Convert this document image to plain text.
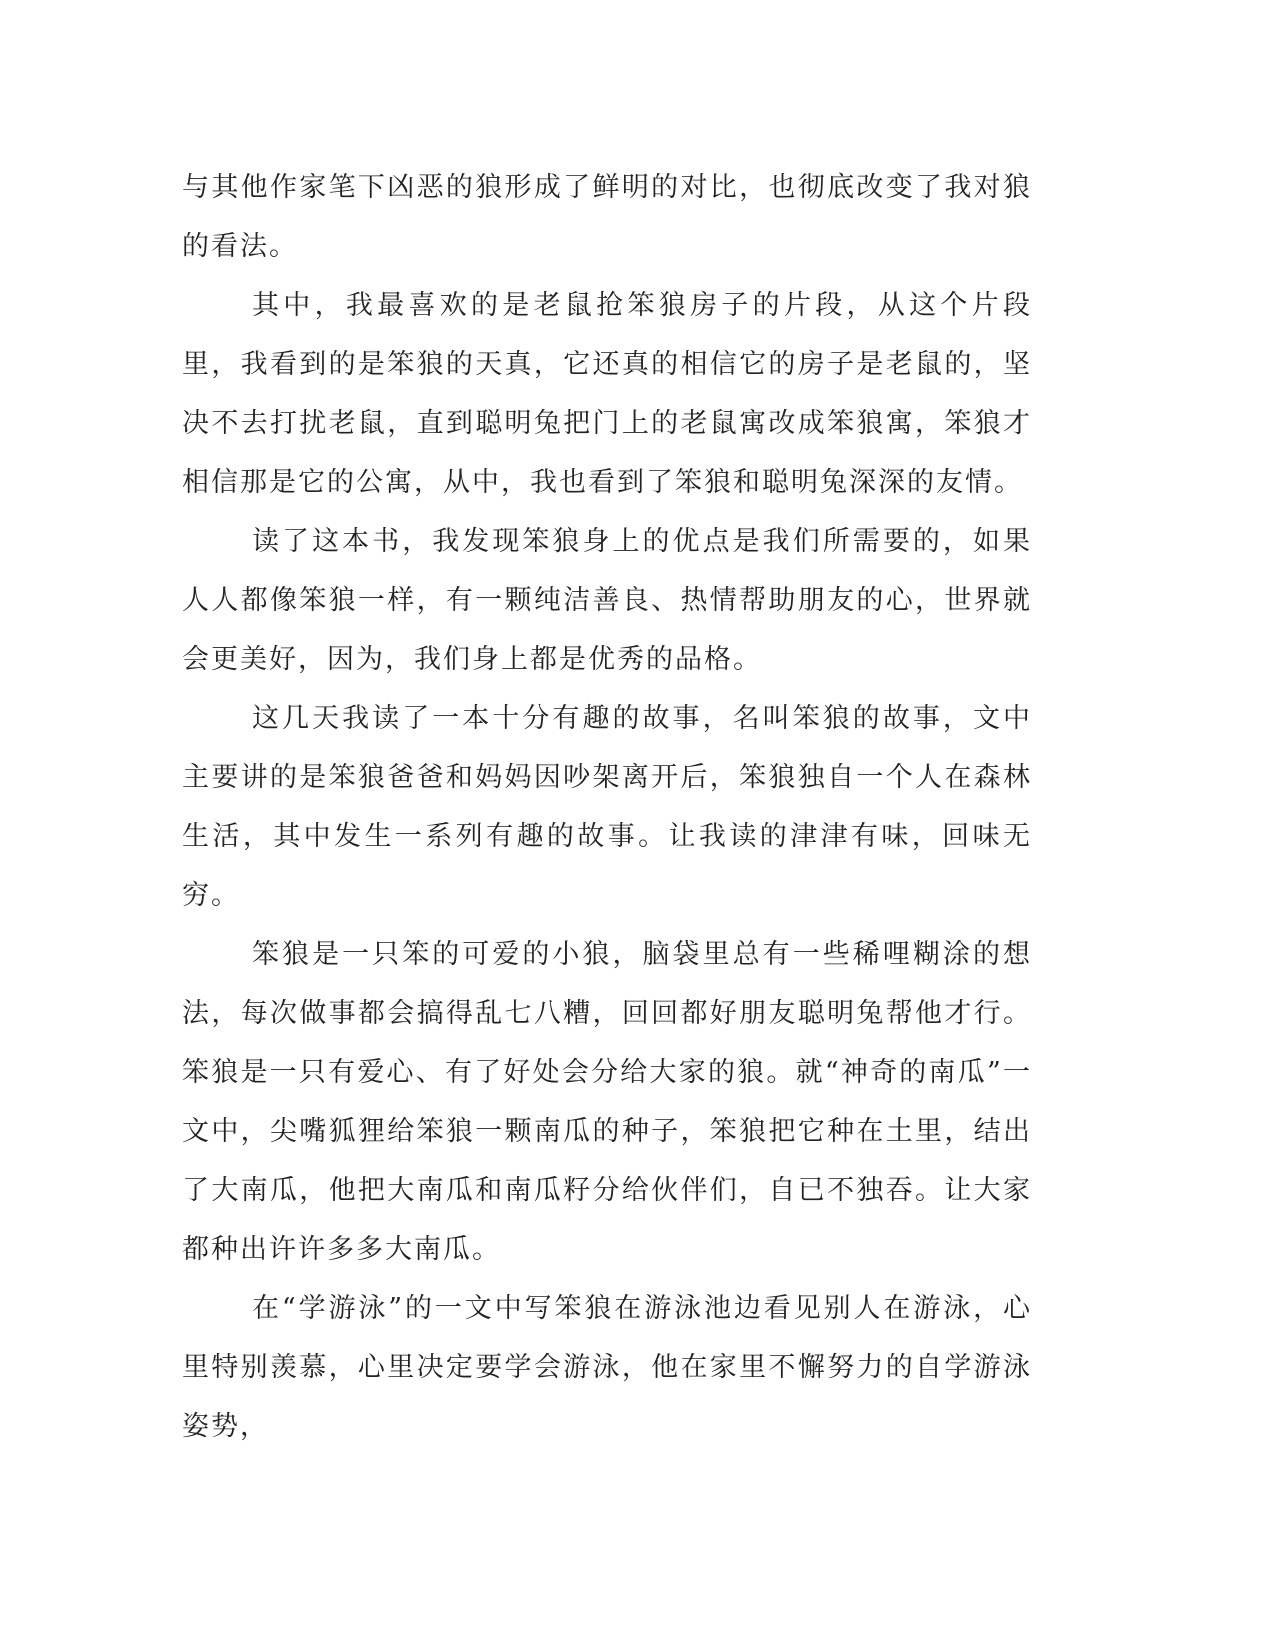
与其他作家笔下凶恶的狼形成了鲜明的对比，也彻底改变了我对狼的看法。

其中，我最喜欢的是老鼠抢笨狼房子的片段，从这个片段里，我看到的是笨狼的天真，它还真的相信它的房子是老鼠的，坚决不去打扰老鼠，直到聪明兔把门上的老鼠寓改成笨狼寓，笨狼才相信那是它的公寓，从中，我也看到了笨狼和聪明兔深深的友情。

读了这本书，我发现笨狼身上的优点是我们所需要的，如果人人都像笨狼一样，有一颗纯洁善良、热情帮助朋友的心，世界就会更美好，因为，我们身上都是优秀的品格。

这几天我读了一本十分有趣的故事，名叫笨狼的故事，文中主要讲的是笨狼爸爸和妈妈因吵架离开后，笨狼独自一个人在森林生活，其中发生一系列有趣的故事。让我读的津津有味，回味无穷。

笨狼是一只笨的可爱的小狼，脑袋里总有一些稀哩糊涂的想法，每次做事都会搞得乱七八糟，回回都好朋友聪明兔帮他才行。笨狼是一只有爱心、有了好处会分给大家的狼。就“神奇的南瓜”一文中，尖嘴狐狸给笨狼一颗南瓜的种子，笨狼把它种在土里，结出了大南瓜，他把大南瓜和南瓜籽分给伙伴们，自已不独吞。让大家都种出许许多多大南瓜。

在“学游泳”的一文中写笨狼在游泳池边看见别人在游泳，心里特别羡慕，心里决定要学会游泳，他在家里不懈努力的自学游泳姿势，
